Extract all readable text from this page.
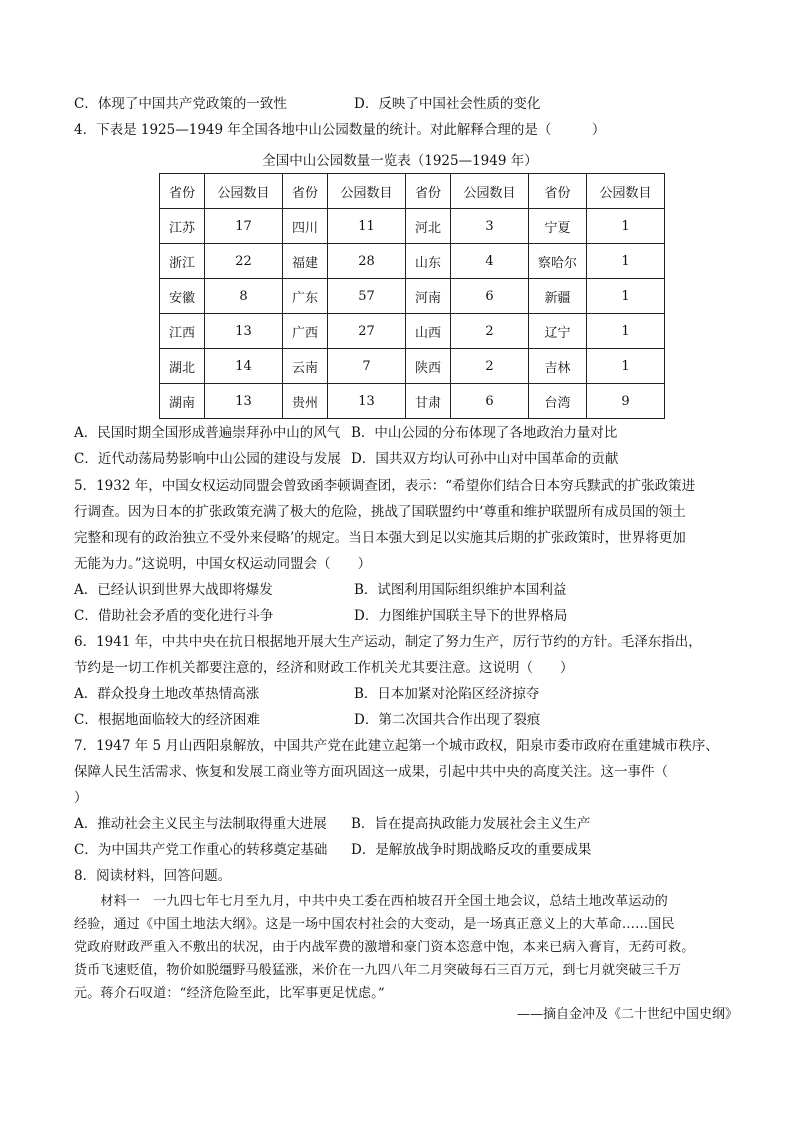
C．体现了中国共产党政策的一致性	D．反映了中国社会性质的变化
4．下表是 1925—1949 年全国各地中山公园数量的统计。对此解释合理的是（　　　）
全国中山公园数量一览表（1925—1949 年）
省份	公园数目	省份	公园数目	省份	公园数目	省份	公园数目
江苏	17	四川	11	河北	3	宁夏	1
浙江	22	福建	28	山东	4	察哈尔	1
安徽	8	广东	57	河南	6	新疆	1
江西	13	广西	27	山西	2	辽宁	1
湖北	14	云南	7	陕西	2	吉林	1
湖南	13	贵州	13	甘肃	6	台湾	9
A．民国时期全国形成普遍崇拜孙中山的风气 B．中山公园的分布体现了各地政治力量对比
C．近代动荡局势影响中山公园的建设与发展 D．国共双方均认可孙中山对中国革命的贡献
5．1932 年，中国女权运动同盟会曾致函李顿调查团，表示：“希望你们结合日本穷兵黩武的扩张政策进
行调查。因为日本的扩张政策充满了极大的危险，挑战了国联盟约中‘尊重和维护联盟所有成员国的领土
完整和现有的政治独立不受外来侵略’的规定。当日本强大到足以实施其后期的扩张政策时，世界将更加
无能为力。”这说明，中国女权运动同盟会（　　）
A．已经认识到世界大战即将爆发	B．试图利用国际组织维护本国利益
C．借助社会矛盾的变化进行斗争	D．力图维护国联主导下的世界格局
6．1941 年，中共中央在抗日根据地开展大生产运动，制定了努力生产，厉行节约的方针。毛泽东指出，
节约是一切工作机关都要注意的，经济和财政工作机关尤其要注意。这说明（　　）
A．群众投身土地改革热情高涨	B．日本加紧对沦陷区经济掠夺
C．根据地面临较大的经济困难	D．第二次国共合作出现了裂痕
7．1947 年 5 月山西阳泉解放，中国共产党在此建立起第一个城市政权，阳泉市委市政府在重建城市秩序、
保障人民生活需求、恢复和发展工商业等方面巩固这一成果，引起中共中央的高度关注。这一事件（
）
A．推动社会主义民主与法制取得重大进展 B．旨在提高执政能力发展社会主义生产
C．为中国共产党工作重心的转移奠定基础 D．是解放战争时期战略反攻的重要成果
8．阅读材料，回答问题。
　　材料一　一九四七年七月至九月，中共中央工委在西柏坡召开全国土地会议，总结土地改革运动的
经验，通过《中国土地法大纲》。这是一场中国农村社会的大变动，是一场真正意义上的大革命……国民
党政府财政严重入不敷出的状况，由于内战军费的激增和豪门资本恣意中饱，本来已病入膏肓，无药可救。
货币飞速贬值，物价如脱缰野马般猛涨，米价在一九四八年二月突破每石三百万元，到七月就突破三千万
元。蒋介石叹道：“经济危险至此，比军事更足忧虑。”
——摘自金冲及《二十世纪中国史纲》
